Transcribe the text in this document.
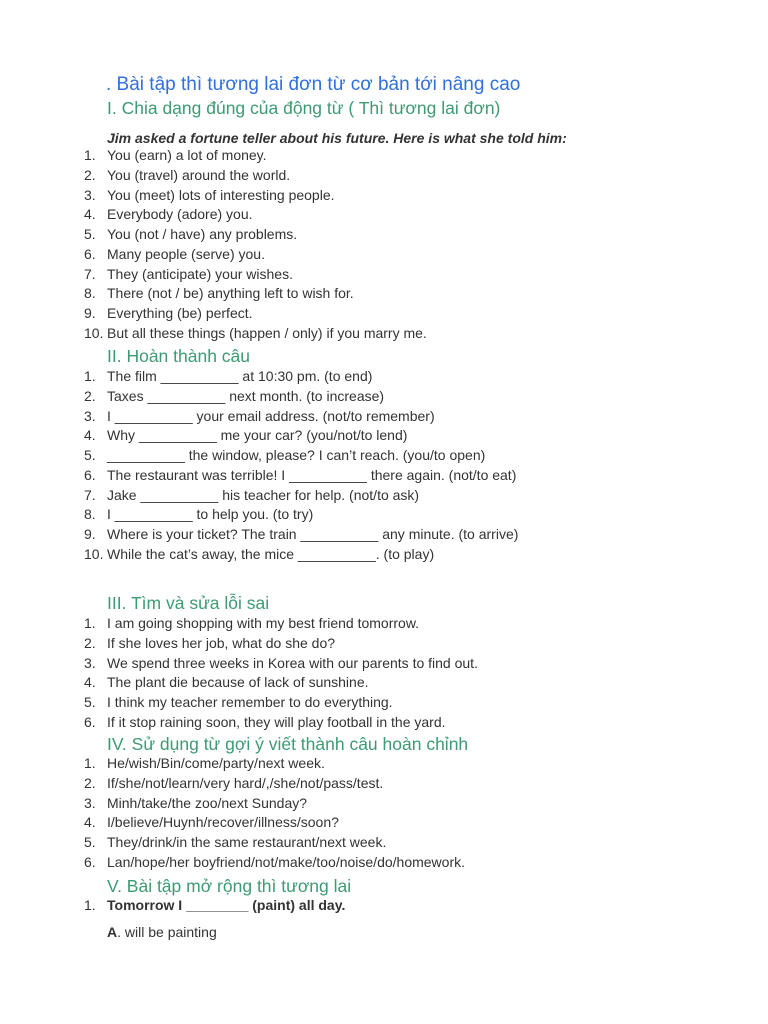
. Bài tập thì tương lai đơn từ cơ bản tới nâng cao
I. Chia dạng đúng của động từ ( Thì tương lai đơn)
Jim asked a fortune teller about his future. Here is what she told him:
1. You (earn) a lot of money.
2. You (travel) around the world.
3. You (meet) lots of interesting people.
4. Everybody (adore) you.
5. You (not / have) any problems.
6. Many people (serve) you.
7. They (anticipate) your wishes.
8. There (not / be) anything left to wish for.
9. Everything (be) perfect.
10. But all these things (happen / only) if you marry me.
II. Hoàn thành câu
1. The film __________ at 10:30 pm. (to end)
2. Taxes __________ next month. (to increase)
3. I __________ your email address. (not/to remember)
4. Why __________ me your car? (you/not/to lend)
5. __________ the window, please? I can’t reach. (you/to open)
6. The restaurant was terrible! I __________ there again. (not/to eat)
7. Jake __________ his teacher for help. (not/to ask)
8. I __________ to help you. (to try)
9. Where is your ticket? The train __________ any minute. (to arrive)
10. While the cat’s away, the mice __________. (to play)
III. Tìm và sửa lỗi sai
1. I am going shopping with my best friend tomorrow.
2. If she loves her job, what do she do?
3. We spend three weeks in Korea with our parents to find out.
4. The plant die because of lack of sunshine.
5. I think my teacher remember to do everything.
6. If it stop raining soon, they will play football in the yard.
IV. Sử dụng từ gợi ý viết thành câu hoàn chỉnh
1. He/wish/Bin/come/party/next week.
2. If/she/not/learn/very hard/,/she/not/pass/test.
3. Minh/take/the zoo/next Sunday?
4. I/believe/Huynh/recover/illness/soon?
5. They/drink/in the same restaurant/next week.
6. Lan/hope/her boyfriend/not/make/too/noise/do/homework.
V. Bài tập mở rộng thì tương lai
1. Tomorrow I ________ (paint) all day.
A. will be painting
